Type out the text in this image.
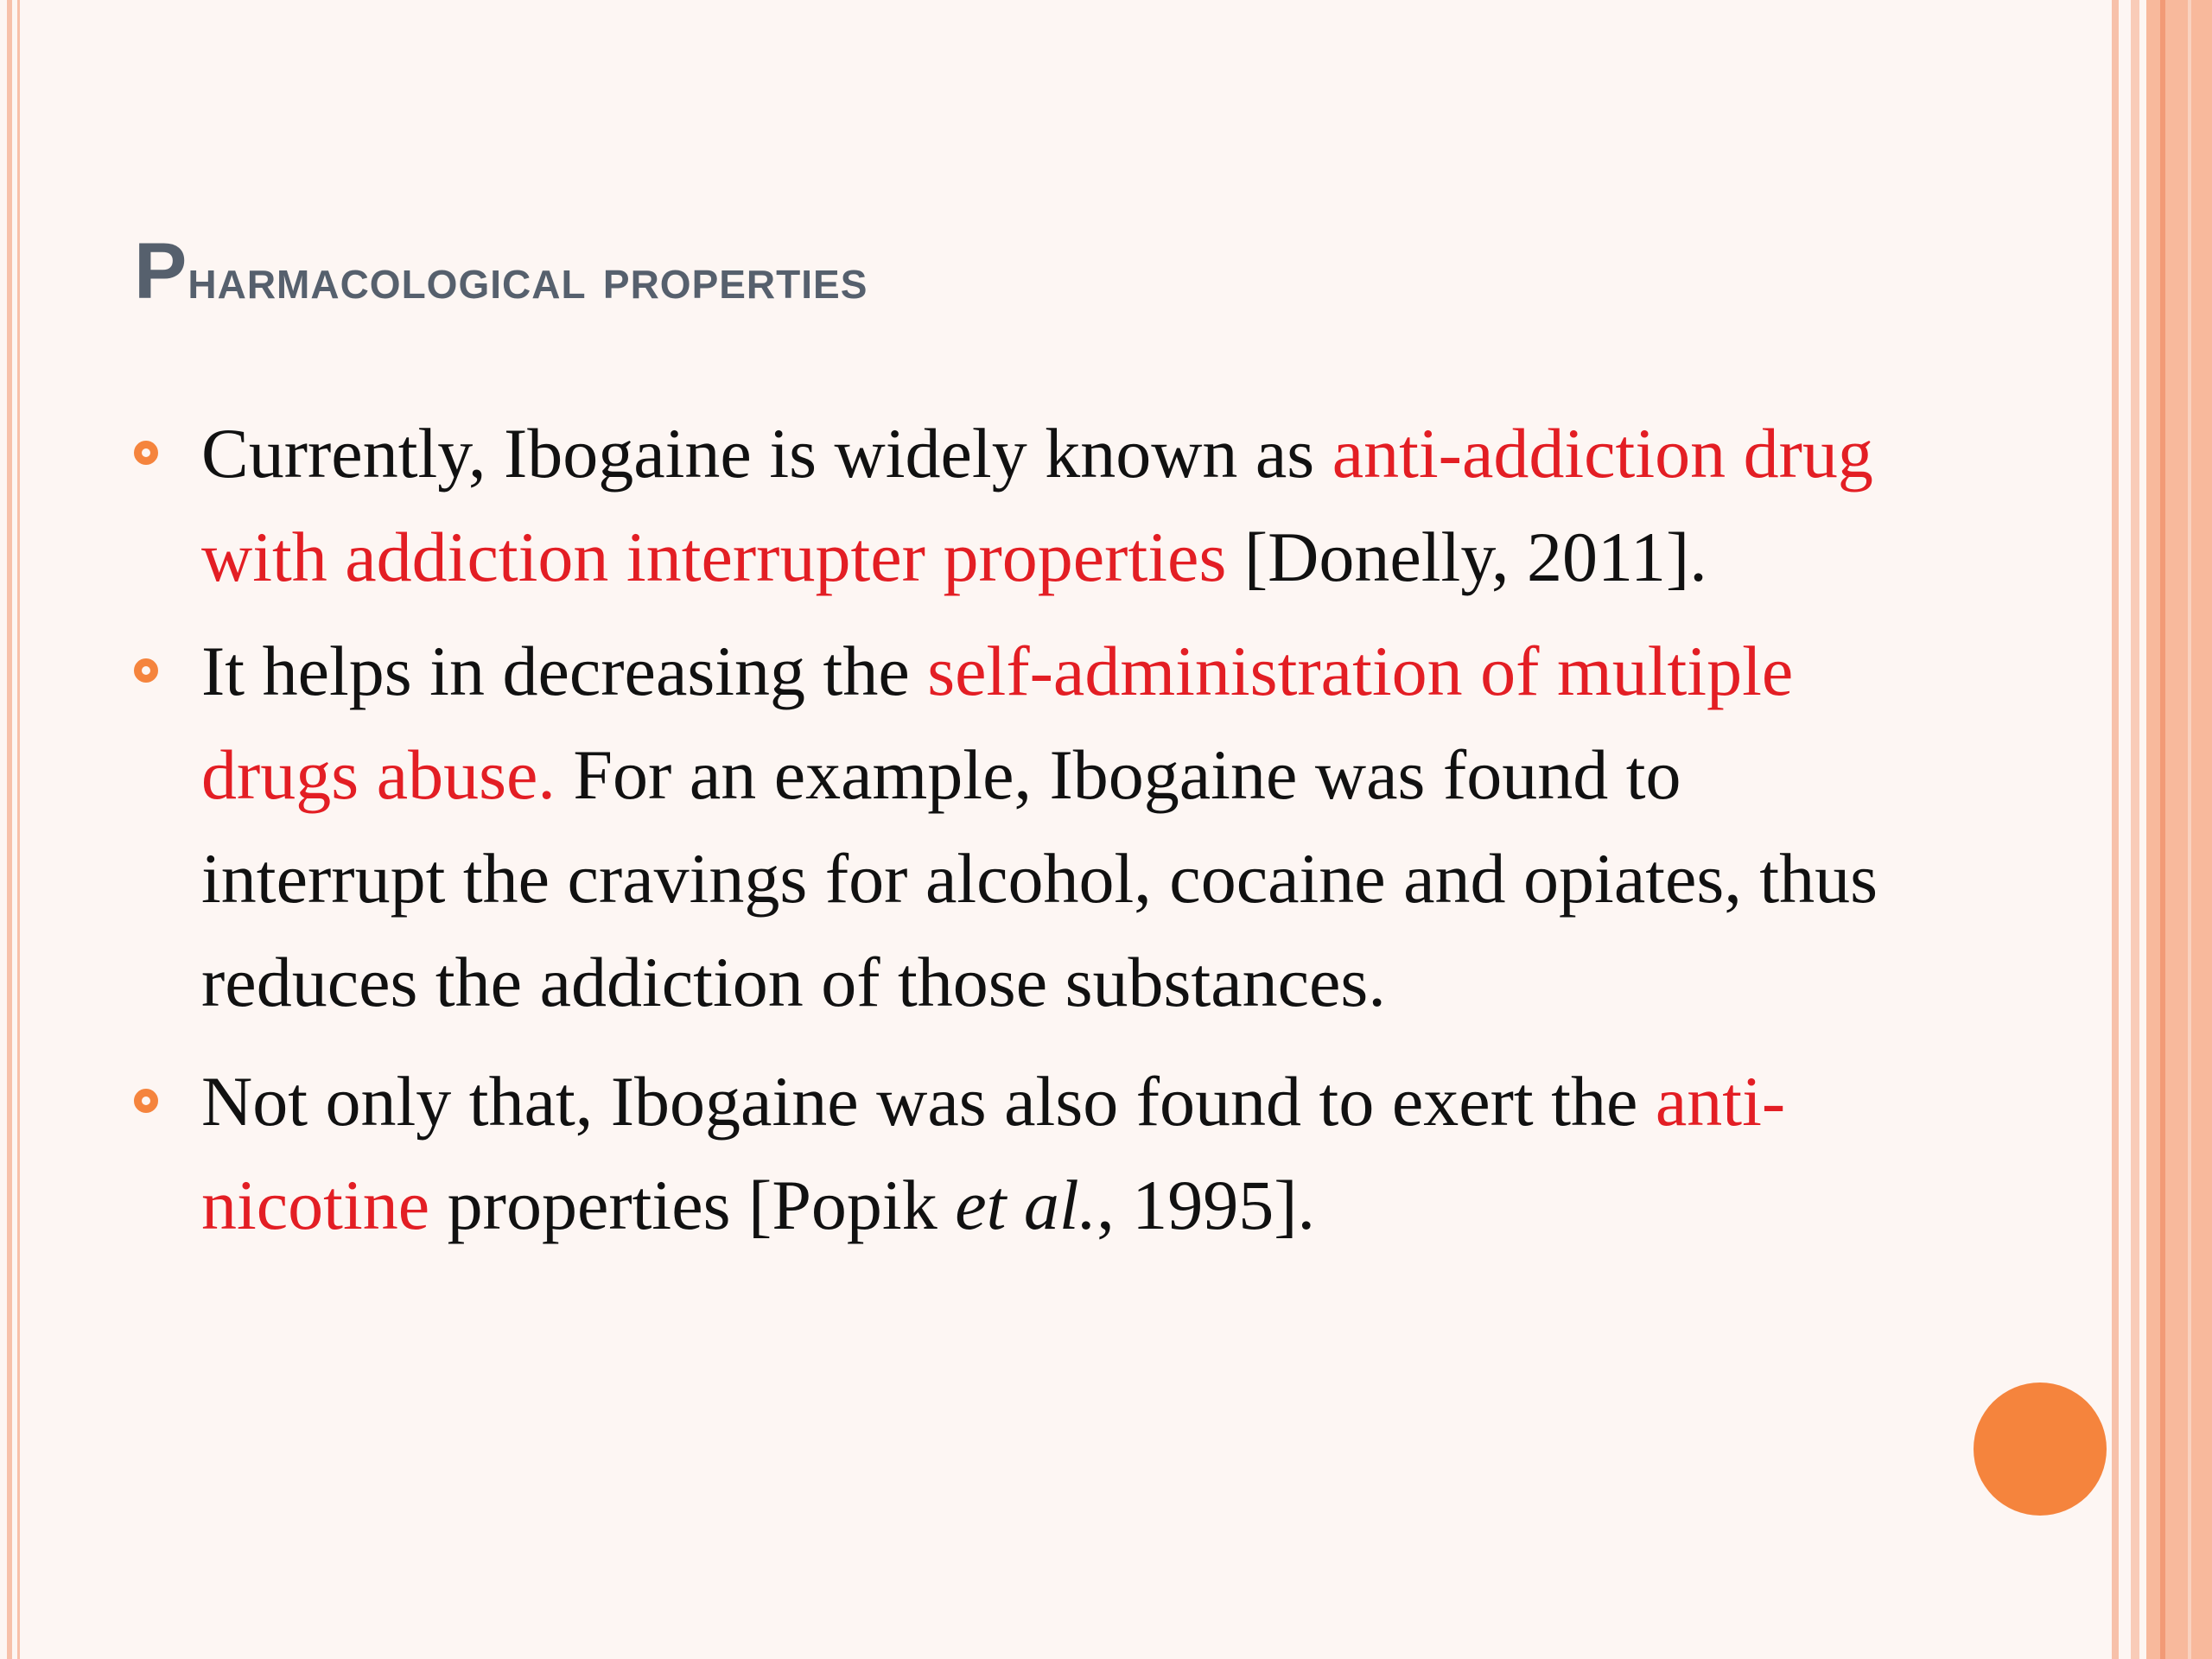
Pharmacological properties
Currently, Ibogaine is widely known as anti-addiction drug with addiction interrupter properties [Donelly, 2011].
It helps in decreasing the self-administration of multiple drugs abuse. For an example, Ibogaine was found to interrupt the cravings for alcohol, cocaine and opiates, thus reduces the addiction of those substances.
Not only that, Ibogaine was also found to exert the anti-nicotine properties [Popik et al., 1995].
